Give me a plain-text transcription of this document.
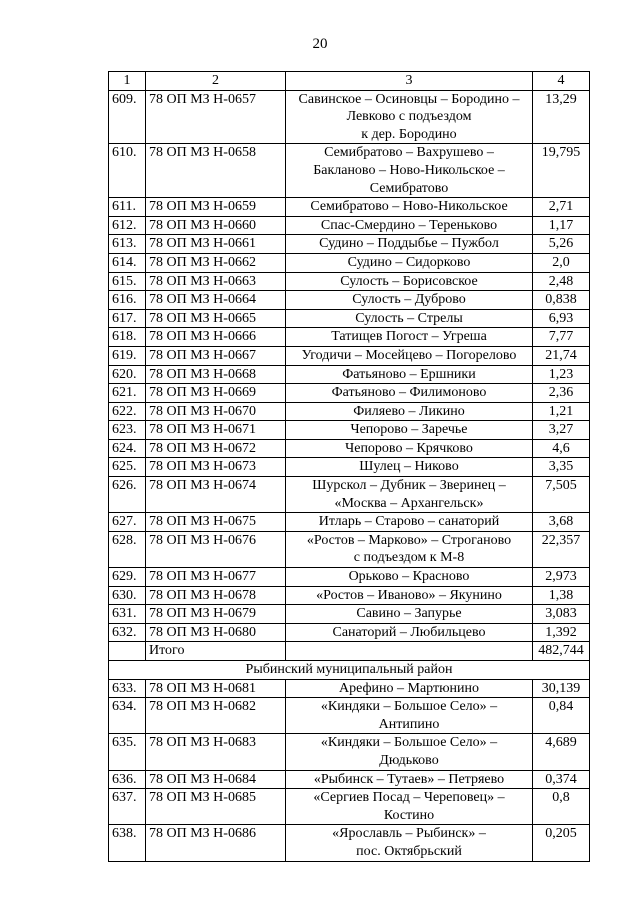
20
1	2	3	4
609.	78 ОП МЗ Н-0657	Савинское – Осиновцы – Бородино –
Левково с подъездом
к дер. Бородино	13,29
610.	78 ОП МЗ Н-0658	Семибратово – Вахрушево –
Бакланово – Ново-Никольское –
Семибратово	19,795
611.	78 ОП МЗ Н-0659	Семибратово – Ново-Никольское	2,71
612.	78 ОП МЗ Н-0660	Спас-Смердино – Тереньково	1,17
613.	78 ОП МЗ Н-0661	Судино – Поддыбье – Пужбол	5,26
614.	78 ОП МЗ Н-0662	Судино – Сидорково	2,0
615.	78 ОП МЗ Н-0663	Сулость – Борисовское	2,48
616.	78 ОП МЗ Н-0664	Сулость – Дуброво	0,838
617.	78 ОП МЗ Н-0665	Сулость – Стрелы	6,93
618.	78 ОП МЗ Н-0666	Татищев Погост – Угреша	7,77
619.	78 ОП МЗ Н-0667	Угодичи – Мосейцево – Погорелово	21,74
620.	78 ОП МЗ Н-0668	Фатьяново – Ершники	1,23
621.	78 ОП МЗ Н-0669	Фатьяново – Филимоново	2,36
622.	78 ОП МЗ Н-0670	Филяево – Ликино	1,21
623.	78 ОП МЗ Н-0671	Чепорово – Заречье	3,27
624.	78 ОП МЗ Н-0672	Чепорово – Крячково	4,6
625.	78 ОП МЗ Н-0673	Шулец – Никово	3,35
626.	78 ОП МЗ Н-0674	Шурскол – Дубник – Зверинец –
«Москва – Архангельск»	7,505
627.	78 ОП МЗ Н-0675	Итларь – Старово – санаторий	3,68
628.	78 ОП МЗ Н-0676	«Ростов – Марково» – Строганово
с подъездом к М-8	22,357
629.	78 ОП МЗ Н-0677	Орьково – Красново	2,973
630.	78 ОП МЗ Н-0678	«Ростов – Иваново» – Якунино	1,38
631.	78 ОП МЗ Н-0679	Савино – Запурье	3,083
632.	78 ОП МЗ Н-0680	Санаторий – Любильцево	1,392
	Итого		482,744
Рыбинский муниципальный район			
633.	78 ОП МЗ Н-0681	Арефино – Мартюнино	30,139
634.	78 ОП МЗ Н-0682	«Киндяки – Большое Село» –
Антипино	0,84
635.	78 ОП МЗ Н-0683	«Киндяки – Большое Село» –
Дюдьково	4,689
636.	78 ОП МЗ Н-0684	«Рыбинск – Тутаев» – Петряево	0,374
637.	78 ОП МЗ Н-0685	«Сергиев Посад – Череповец» –
Костино	0,8
638.	78 ОП МЗ Н-0686	«Ярославль – Рыбинск» –
пос. Октябрьский	0,205
